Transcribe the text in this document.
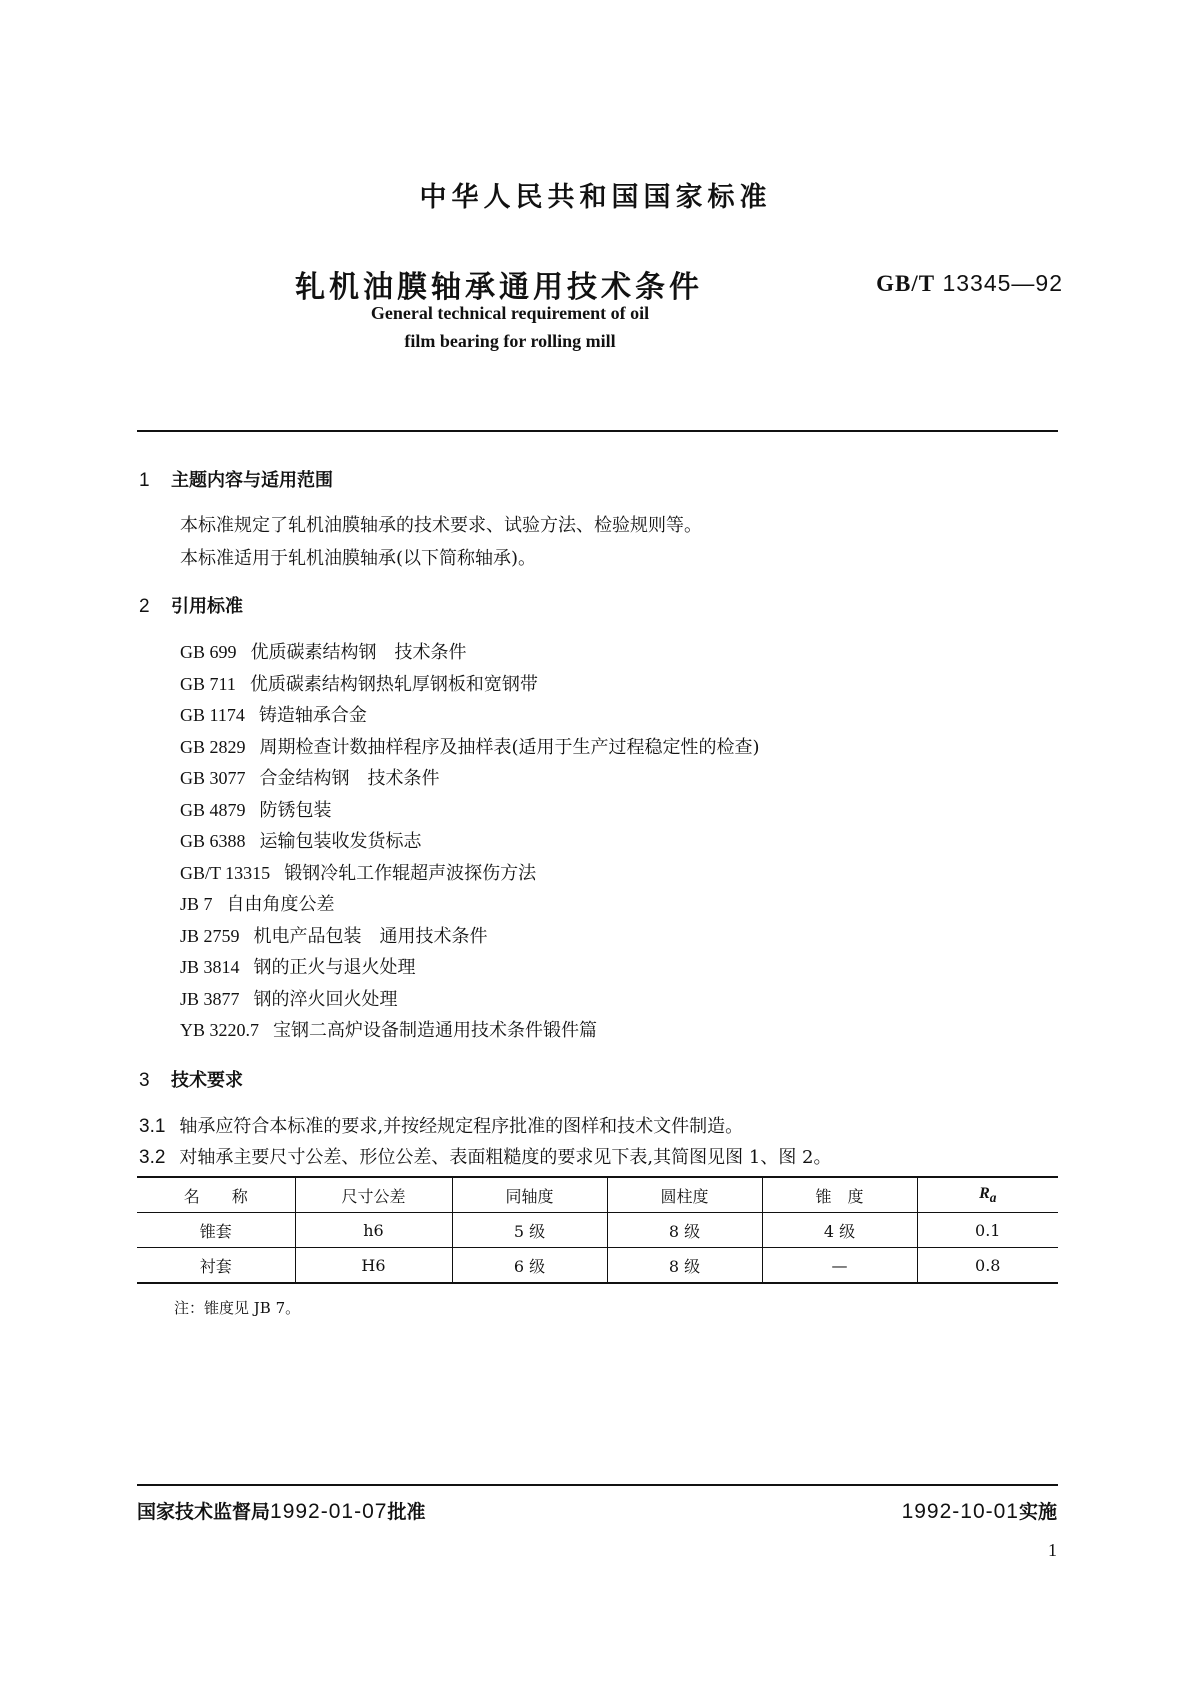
中华人民共和国国家标准
轧机油膜轴承通用技术条件	GB/T 13345—92
General technical requirement of oil
film bearing for rolling mill
1 主题内容与适用范围
本标准规定了轧机油膜轴承的技术要求、试验方法、检验规则等。
本标准适用于轧机油膜轴承(以下简称轴承)。
2 引用标准
GB 699 优质碳素结构钢　技术条件
GB 711 优质碳素结构钢热轧厚钢板和宽钢带
GB 1174 铸造轴承合金
GB 2829 周期检查计数抽样程序及抽样表(适用于生产过程稳定性的检查)
GB 3077 合金结构钢　技术条件
GB 4879 防锈包装
GB 6388 运输包装收发货标志
GB/T 13315 锻钢冷轧工作辊超声波探伤方法
JB 7 自由角度公差
JB 2759 机电产品包装　通用技术条件
JB 3814 钢的正火与退火处理
JB 3877 钢的淬火回火处理
YB 3220.7 宝钢二高炉设备制造通用技术条件锻件篇
3 技术要求
3.1 轴承应符合本标准的要求,并按经规定程序批准的图样和技术文件制造。
3.2 对轴承主要尺寸公差、形位公差、表面粗糙度的要求见下表,其简图见图 1、图 2。
名　　称	尺寸公差	同轴度	圆柱度	锥　度	$R_a$
锥套	h6	5 级	8 级	4 级	0.1
衬套	H6	6 级	8 级	—	0.8
注：锥度见 JB 7。
国家技术监督局1992-01-07批准	1992-10-01实施
1
